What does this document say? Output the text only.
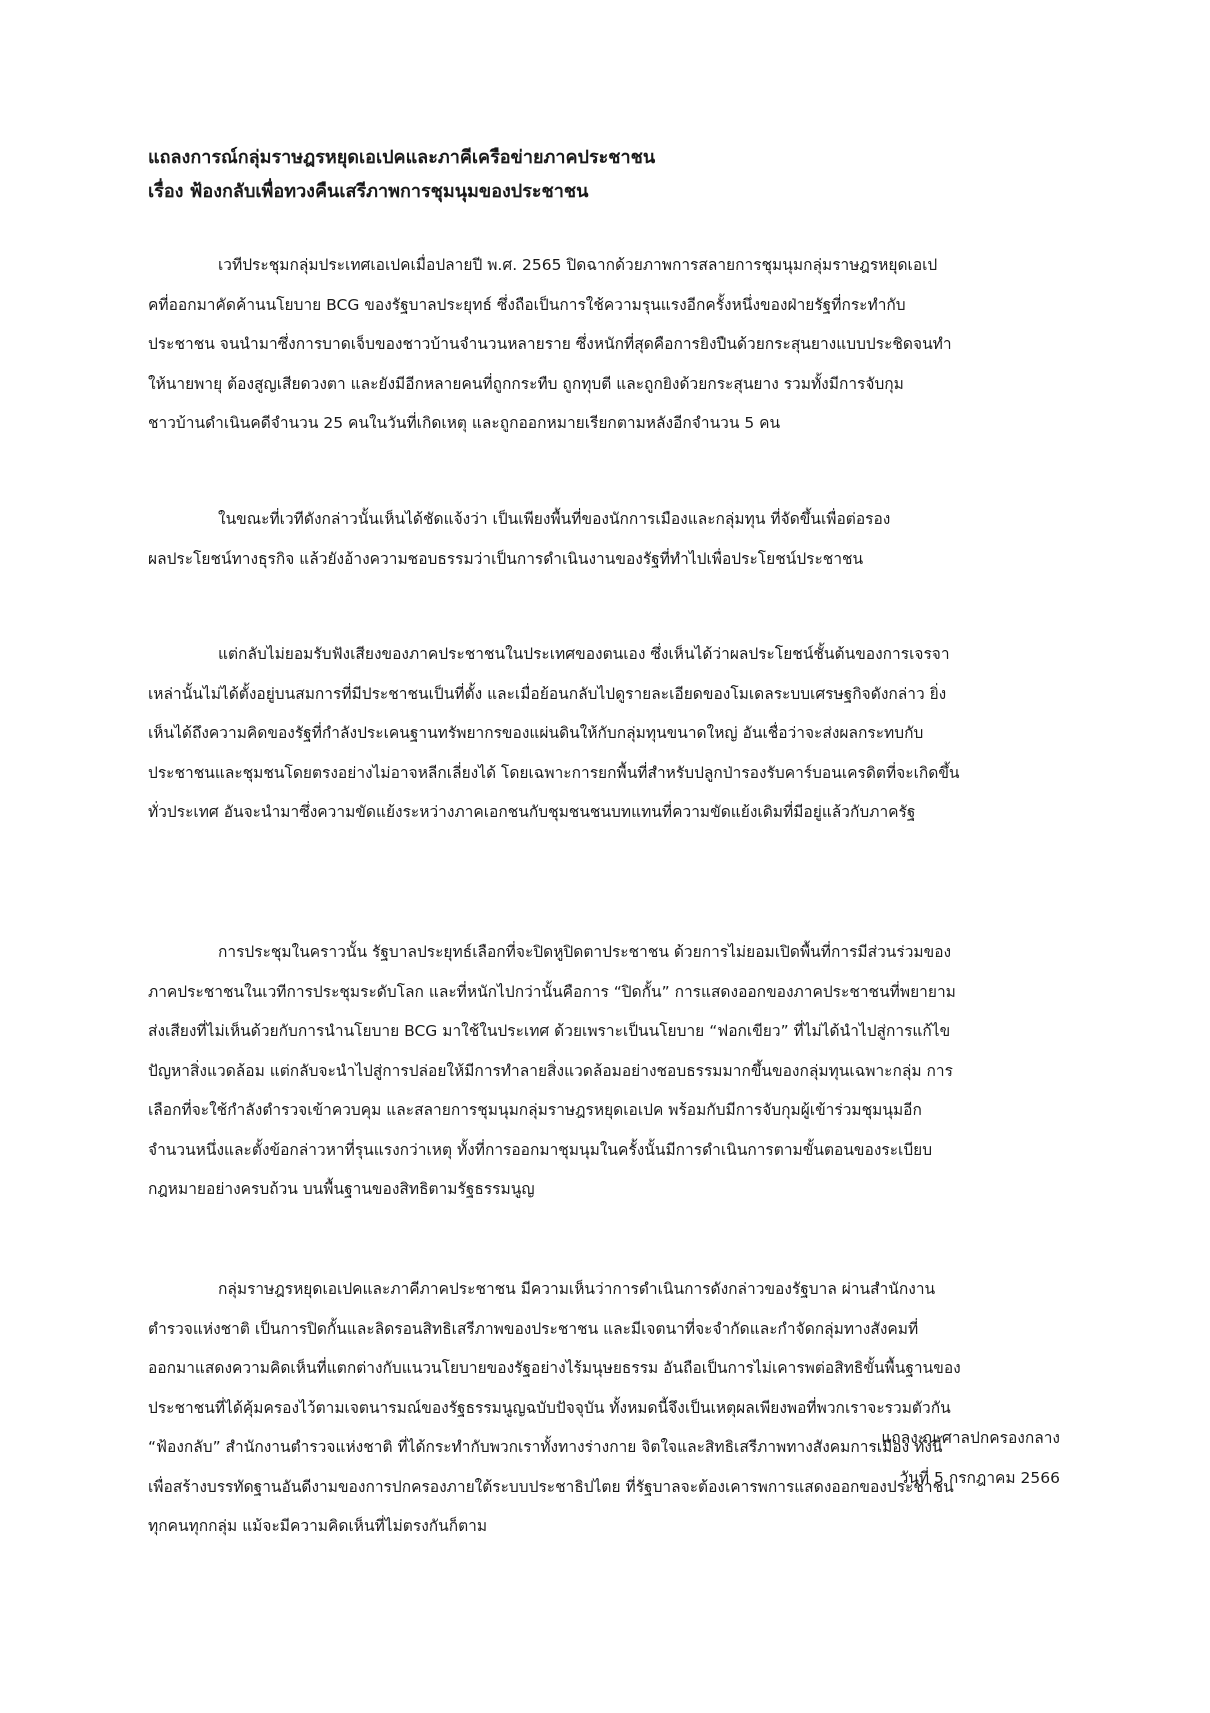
แถลงการณ์กลุ่มราษฎรหยุดเอเปคและภาคีเครือข่ายภาคประชาชน

เรื่อง ฟ้องกลับเพื่อทวงคืนเสรีภาพการชุมนุมของประชาชน

เวทีประชุมกลุ่มประเทศเอเปคเมื่อปลายปี พ.ศ. 2565 ปิดฉากด้วยภาพการสลายการชุมนุมกลุ่มราษฎรหยุดเอเป
คที่ออกมาคัดค้านนโยบาย BCG ของรัฐบาลประยุทธ์ ซึ่งถือเป็นการใช้ความรุนแรงอีกครั้งหนึ่งของฝ่ายรัฐที่กระทำกับ
ประชาชน จนนำมาซึ่งการบาดเจ็บของชาวบ้านจำนวนหลายราย ซึ่งหนักที่สุดคือการยิงปืนด้วยกระสุนยางแบบประชิดจนทำ
ให้นายพายุ ต้องสูญเสียดวงตา และยังมีอีกหลายคนที่ถูกกระทืบ ถูกทุบตี และถูกยิงด้วยกระสุนยาง รวมทั้งมีการจับกุม
ชาวบ้านดำเนินคดีจำนวน 25 คนในวันที่เกิดเหตุ และถูกออกหมายเรียกตามหลังอีกจำนวน 5 คน
ในขณะที่เวทีดังกล่าวนั้นเห็นได้ชัดแจ้งว่า เป็นเพียงพื้นที่ของนักการเมืองและกลุ่มทุน ที่จัดขึ้นเพื่อต่อรอง
ผลประโยชน์ทางธุรกิจ แล้วยังอ้างความชอบธรรมว่าเป็นการดำเนินงานของรัฐที่ทำไปเพื่อประโยชน์ประชาชน
แต่กลับไม่ยอมรับฟังเสียงของภาคประชาชนในประเทศของตนเอง ซึ่งเห็นได้ว่าผลประโยชน์ชั้นต้นของการเจรจา
เหล่านั้นไม่ได้ตั้งอยู่บนสมการที่มีประชาชนเป็นที่ตั้ง และเมื่อย้อนกลับไปดูรายละเอียดของโมเดลระบบเศรษฐกิจดังกล่าว ยิ่ง
เห็นได้ถึงความคิดของรัฐที่กำลังประเคนฐานทรัพยากรของแผ่นดินให้กับกลุ่มทุนขนาดใหญ่ อันเชื่อว่าจะส่งผลกระทบกับ
ประชาชนและชุมชนโดยตรงอย่างไม่อาจหลีกเลี่ยงได้ โดยเฉพาะการยกพื้นที่สำหรับปลูกป่ารองรับคาร์บอนเครดิตที่จะเกิดขึ้น
ทั่วประเทศ อันจะนำมาซึ่งความขัดแย้งระหว่างภาคเอกชนกับชุมชนชนบทแทนที่ความขัดแย้งเดิมที่มีอยู่แล้วกับภาครัฐ
การประชุมในคราวนั้น รัฐบาลประยุทธ์เลือกที่จะปิดหูปิดตาประชาชน ด้วยการไม่ยอมเปิดพื้นที่การมีส่วนร่วมของ
ภาคประชาชนในเวทีการประชุมระดับโลก และที่หนักไปกว่านั้นคือการ “ปิดกั้น” การแสดงออกของภาคประชาชนที่พยายาม
ส่งเสียงที่ไม่เห็นด้วยกับการนำนโยบาย BCG มาใช้ในประเทศ ด้วยเพราะเป็นนโยบาย “ฟอกเขียว” ที่ไม่ได้นำไปสู่การแก้ไข
ปัญหาสิ่งแวดล้อม แต่กลับจะนำไปสู่การปล่อยให้มีการทำลายสิ่งแวดล้อมอย่างชอบธรรมมากขึ้นของกลุ่มทุนเฉพาะกลุ่ม การ
เลือกที่จะใช้กำลังตำรวจเข้าควบคุม และสลายการชุมนุมกลุ่มราษฎรหยุดเอเปค พร้อมกับมีการจับกุมผู้เข้าร่วมชุมนุมอีก
จำนวนหนึ่งและตั้งข้อกล่าวหาที่รุนแรงกว่าเหตุ ทั้งที่การออกมาชุมนุมในครั้งนั้นมีการดำเนินการตามขั้นตอนของระเบียบ
กฎหมายอย่างครบถ้วน บนพื้นฐานของสิทธิตามรัฐธรรมนูญ
กลุ่มราษฎรหยุดเอเปคและภาคีภาคประชาชน มีความเห็นว่าการดำเนินการดังกล่าวของรัฐบาล ผ่านสำนักงาน
ตำรวจแห่งชาติ เป็นการปิดกั้นและลิดรอนสิทธิเสรีภาพของประชาชน และมีเจตนาที่จะจำกัดและกำจัดกลุ่มทางสังคมที่
ออกมาแสดงความคิดเห็นที่แตกต่างกับแนวนโยบายของรัฐอย่างไร้มนุษยธรรม อันถือเป็นการไม่เคารพต่อสิทธิขั้นพื้นฐานของ
ประชาชนที่ได้คุ้มครองไว้ตามเจตนารมณ์ของรัฐธรรมนูญฉบับปัจจุบัน ทั้งหมดนี้จึงเป็นเหตุผลเพียงพอที่พวกเราจะรวมตัวกัน
“ฟ้องกลับ” สำนักงานตำรวจแห่งชาติ ที่ได้กระทำกับพวกเราทั้งทางร่างกาย จิตใจและสิทธิเสรีภาพทางสังคมการเมือง ทั้งนี้
เพื่อสร้างบรรทัดฐานอันดีงามของการปกครองภายใต้ระบบประชาธิปไตย ที่รัฐบาลจะต้องเคารพการแสดงออกของประชาชน
ทุกคนทุกกลุ่ม แม้จะมีความคิดเห็นที่ไม่ตรงกันก็ตาม
แถลง ณ ศาลปกครองกลาง
วันที่ 5 กรกฎาคม 2566
